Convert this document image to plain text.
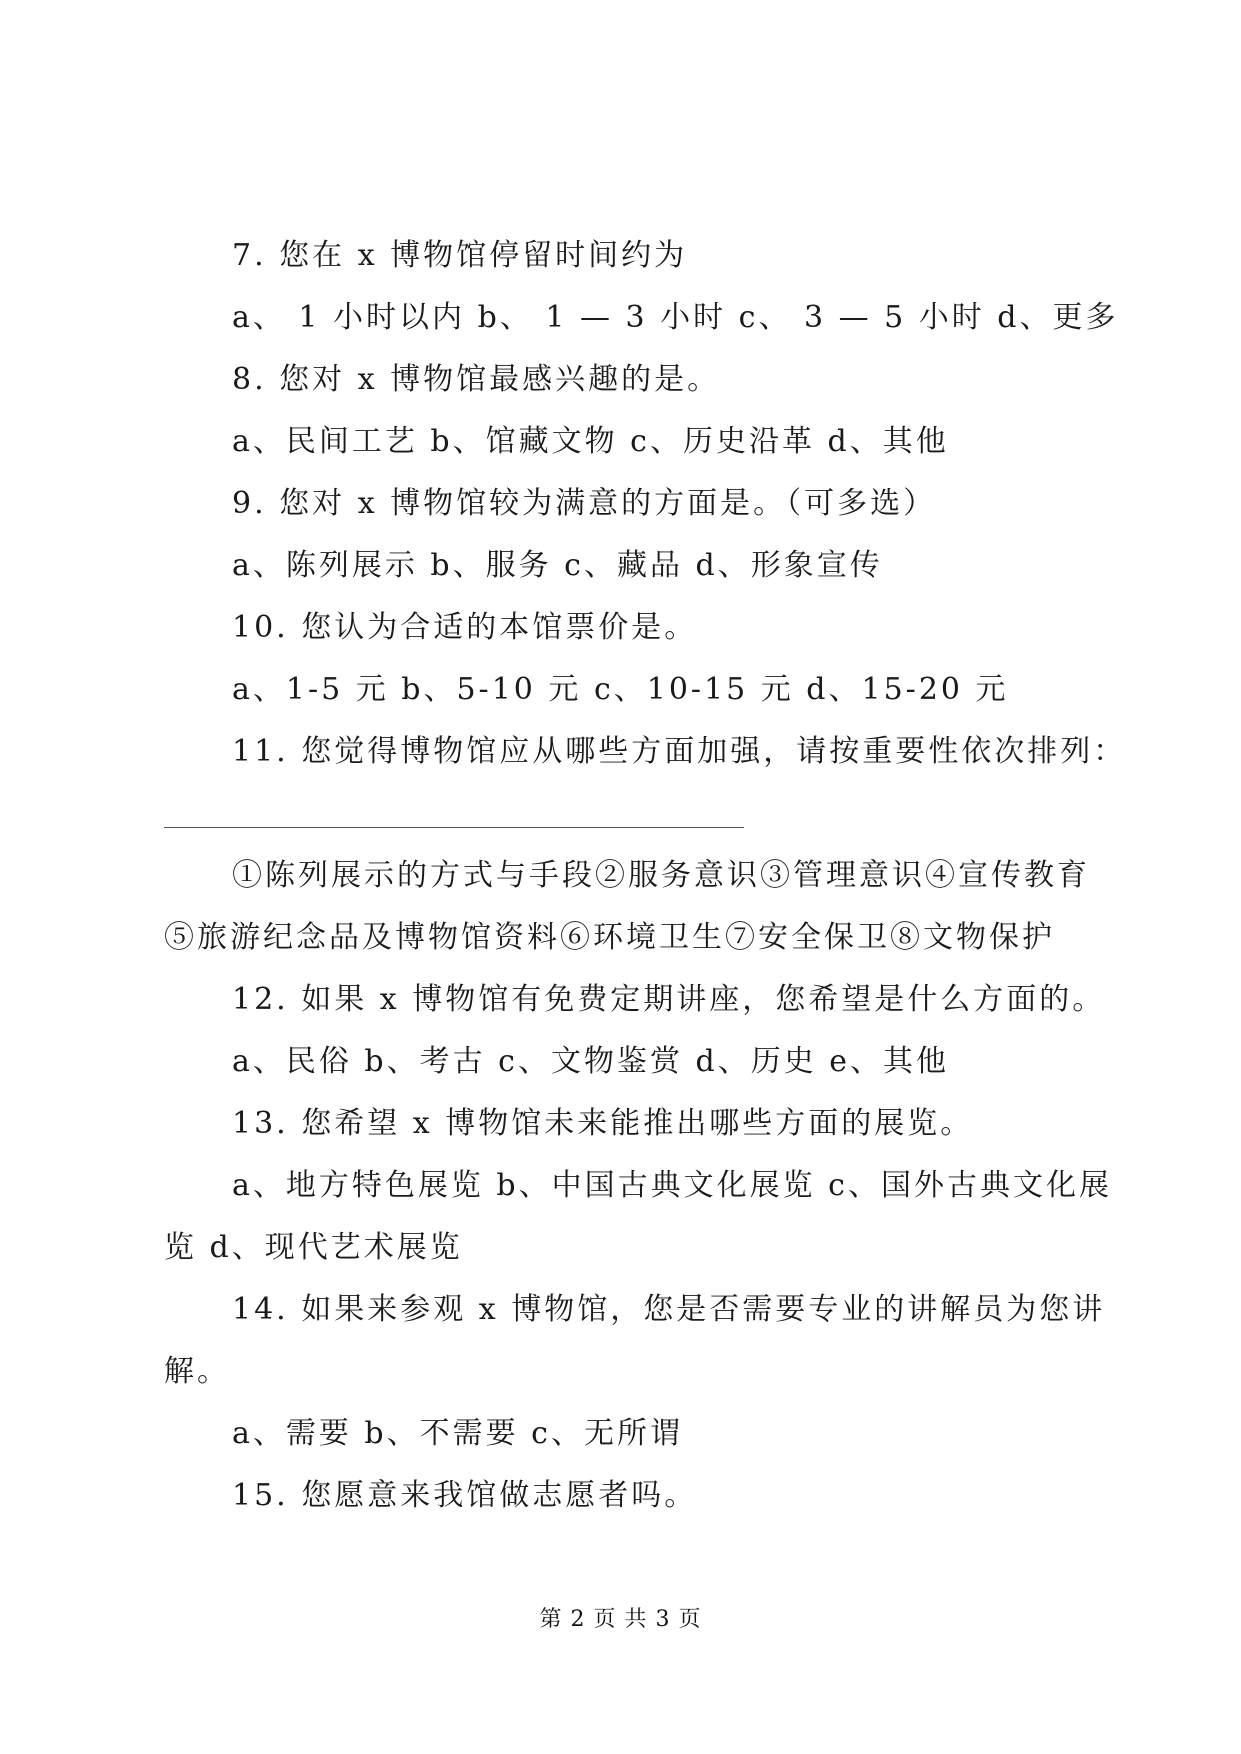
7. 您在 x 博物馆停留时间约为
a、 1 小时以内 b、 1 — 3 小时 c、 3 — 5 小时 d、更多
8. 您对 x 博物馆最感兴趣的是。
a、民间工艺 b、馆藏文物 c、历史沿革 d、其他
9. 您对 x 博物馆较为满意的方面是。（可多选）
a、陈列展示 b、服务 c、藏品 d、形象宣传
10. 您认为合适的本馆票价是。
a、1-5 元 b、5-10 元 c、10-15 元 d、15-20 元
11. 您觉得博物馆应从哪些方面加强，请按重要性依次排列：
①陈列展示的方式与手段②服务意识③管理意识④宣传教育
⑤旅游纪念品及博物馆资料⑥环境卫生⑦安全保卫⑧文物保护
12. 如果 x 博物馆有免费定期讲座，您希望是什么方面的。
a、民俗 b、考古 c、文物鉴赏 d、历史 e、其他
13. 您希望 x 博物馆未来能推出哪些方面的展览。
a、地方特色展览 b、中国古典文化展览 c、国外古典文化展
览 d、现代艺术展览
14. 如果来参观 x 博物馆，您是否需要专业的讲解员为您讲
解。
a、需要 b、不需要 c、无所谓
15. 您愿意来我馆做志愿者吗。
第 2 页 共 3 页
